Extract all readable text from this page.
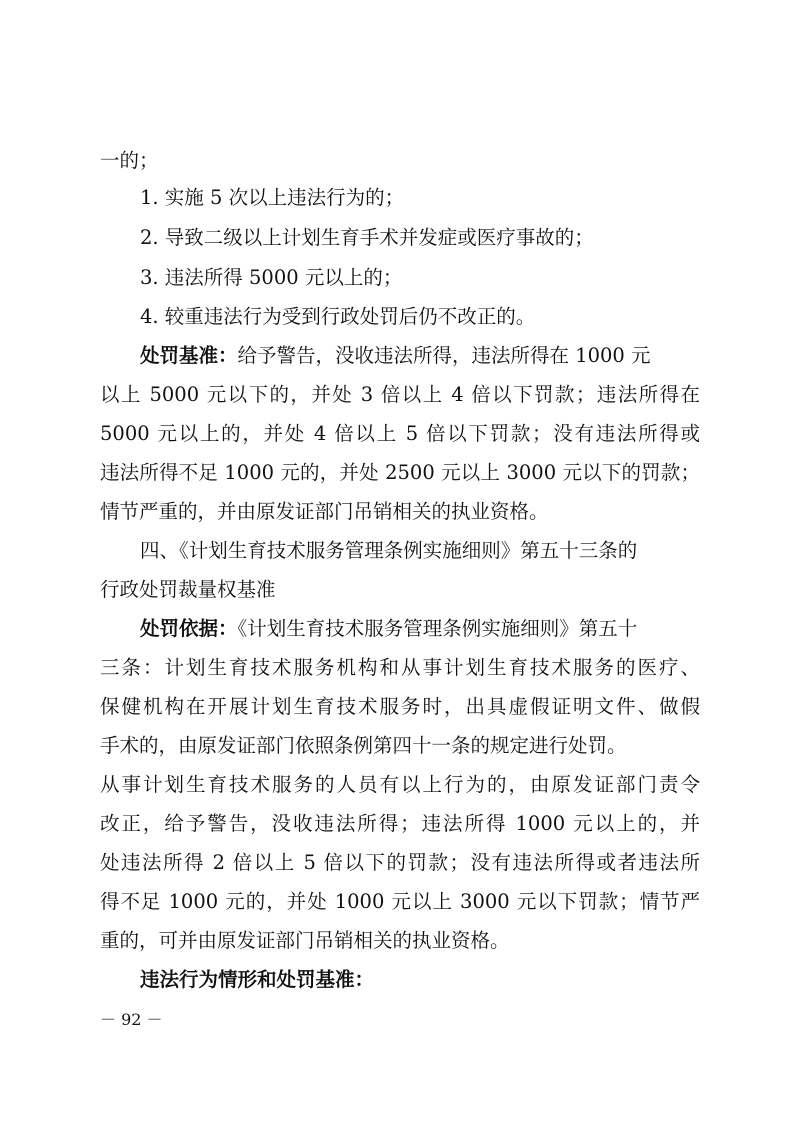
一的；
1. 实施 5 次以上违法行为的；
2. 导致二级以上计划生育手术并发症或医疗事故的；
3. 违法所得 5000 元以上的；
4. 较重违法行为受到行政处罚后仍不改正的。
处罚基准：给予警告，没收违法所得，违法所得在 1000 元
以上 5000 元以下的，并处 3 倍以上 4 倍以下罚款；违法所得在
5000 元以上的，并处 4 倍以上 5 倍以下罚款；没有违法所得或
违法所得不足 1000 元的，并处 2500 元以上 3000 元以下的罚款；
情节严重的，并由原发证部门吊销相关的执业资格。
四、《计划生育技术服务管理条例实施细则》第五十三条的
行政处罚裁量权基准
处罚依据：《计划生育技术服务管理条例实施细则》第五十
三条：计划生育技术服务机构和从事计划生育技术服务的医疗、
保健机构在开展计划生育技术服务时，出具虚假证明文件、做假
手术的，由原发证部门依照条例第四十一条的规定进行处罚。
从事计划生育技术服务的人员有以上行为的，由原发证部门责令
改正，给予警告，没收违法所得；违法所得 1000 元以上的，并
处违法所得 2 倍以上 5 倍以下的罚款；没有违法所得或者违法所
得不足 1000 元的，并处 1000 元以上 3000 元以下罚款；情节严
重的，可并由原发证部门吊销相关的执业资格。
违法行为情形和处罚基准：
－ 92 －
